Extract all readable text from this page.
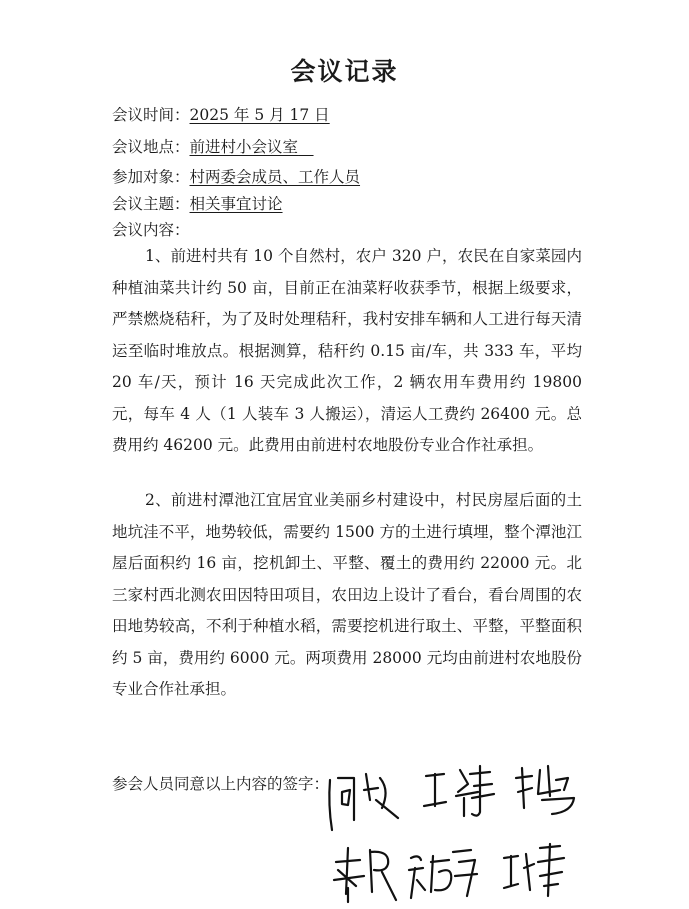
会议记录
会议时间：2025 年 5 月 17 日
会议地点：前进村小会议室 
参加对象：村两委会成员、工作人员
会议主题：相关事宜讨论
会议内容：

1、前进村共有 10 个自然村，农户 320 户，农民在自家菜园内种植油菜共计约 50 亩，目前正在油菜籽收获季节，根据上级要求，严禁燃烧秸秆，为了及时处理秸秆，我村安排车辆和人工进行每天清运至临时堆放点。根据测算，秸秆约 0.15 亩/车，共 333 车，平均 20 车/天，预计 16 天完成此次工作，2 辆农用车费用约 19800 元，每车 4 人（1 人装车 3 人搬运），清运人工费约 26400 元。总费用约 46200 元。此费用由前进村农地股份专业合作社承担。

2、前进村潭池江宜居宜业美丽乡村建设中，村民房屋后面的土地坑洼不平，地势较低，需要约 1500 方的土进行填埋，整个潭池江屋后面积约 16 亩，挖机卸土、平整、覆土的费用约 22000 元。北三家村西北测农田因特田项目，农田边上设计了看台，看台周围的农田地势较高，不利于种植水稻，需要挖机进行取土、平整，平整面积约 5 亩，费用约 6000 元。两项费用 28000 元均由前进村农地股份专业合作社承担。

参会人员同意以上内容的签字：
